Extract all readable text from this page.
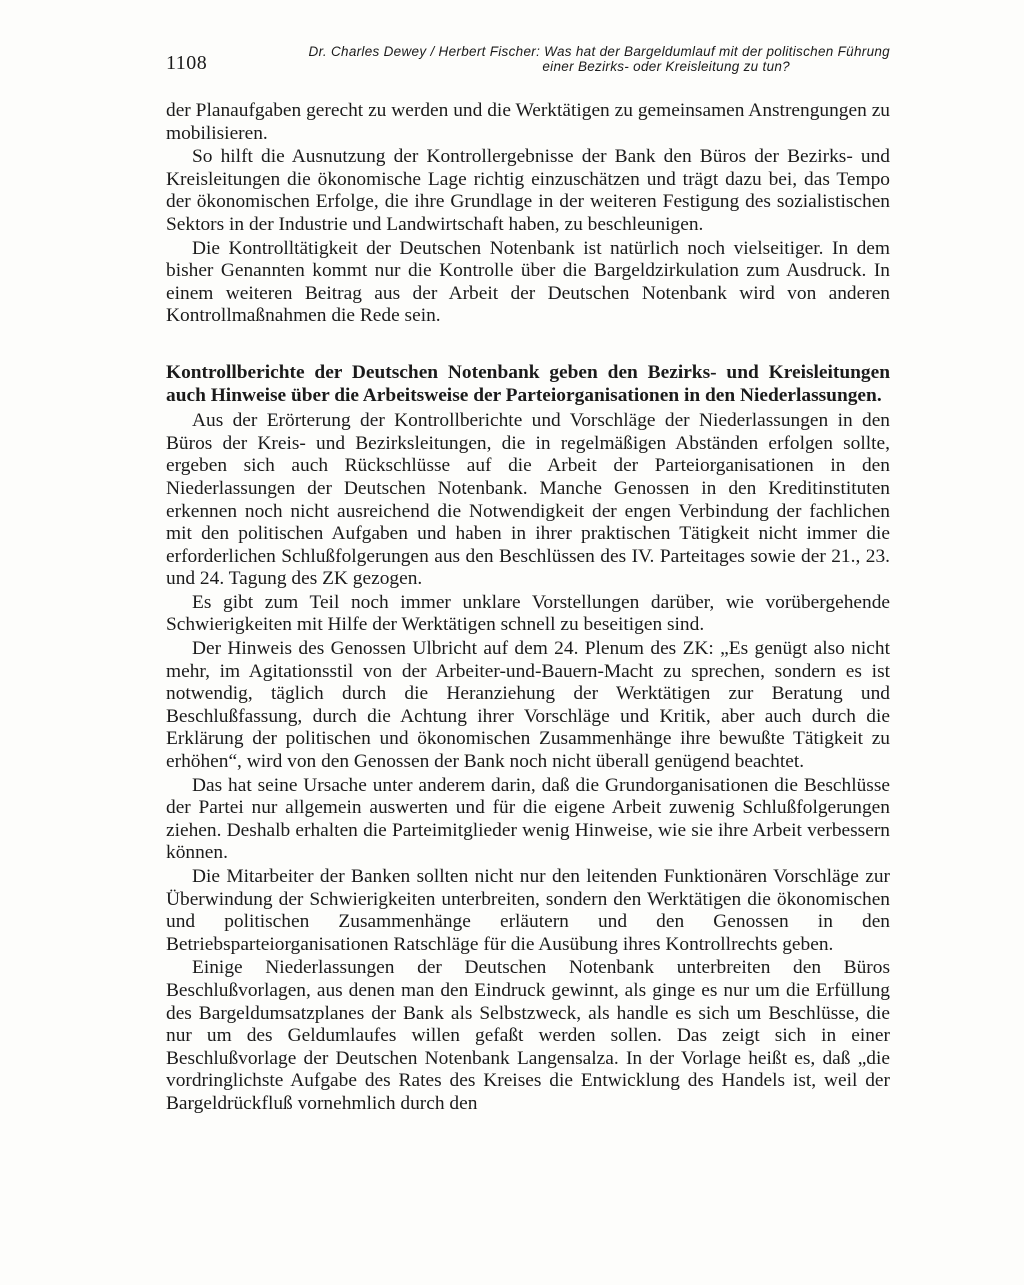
1108
Dr. Charles Dewey / Herbert Fischer: Was hat der Bargeldumlauf mit der politischen Führung
einer Bezirks- oder Kreisleitung zu tun?

der Planaufgaben gerecht zu werden und die Werktätigen zu gemeinsamen Anstrengungen zu mobilisieren.

So hilft die Ausnutzung der Kontrollergebnisse der Bank den Büros der Bezirks- und Kreisleitungen die ökonomische Lage richtig einzuschätzen und trägt dazu bei, das Tempo der ökonomischen Erfolge, die ihre Grundlage in der weiteren Festigung des sozialistischen Sektors in der Industrie und Landwirtschaft haben, zu beschleunigen.

Die Kontrolltätigkeit der Deutschen Notenbank ist natürlich noch vielseitiger. In dem bisher Genannten kommt nur die Kontrolle über die Bargeldzirkulation zum Ausdruck. In einem weiteren Beitrag aus der Arbeit der Deutschen Notenbank wird von anderen Kontrollmaßnahmen die Rede sein.

Kontrollberichte der Deutschen Notenbank geben den Bezirks- und Kreisleitungen auch Hinweise über die Arbeitsweise der Parteiorganisationen in den Niederlassungen.

Aus der Erörterung der Kontrollberichte und Vorschläge der Niederlassungen in den Büros der Kreis- und Bezirksleitungen, die in regelmäßigen Abständen erfolgen sollte, ergeben sich auch Rückschlüsse auf die Arbeit der Parteiorganisationen in den Niederlassungen der Deutschen Notenbank. Manche Genossen in den Kreditinstituten erkennen noch nicht ausreichend die Notwendigkeit der engen Verbindung der fachlichen mit den politischen Aufgaben und haben in ihrer praktischen Tätigkeit nicht immer die erforderlichen Schlußfolgerungen aus den Beschlüssen des IV. Parteitages sowie der 21., 23. und 24. Tagung des ZK gezogen.

Es gibt zum Teil noch immer unklare Vorstellungen darüber, wie vorübergehende Schwierigkeiten mit Hilfe der Werktätigen schnell zu beseitigen sind.

Der Hinweis des Genossen Ulbricht auf dem 24. Plenum des ZK: „Es genügt also nicht mehr, im Agitationsstil von der Arbeiter-und-Bauern-Macht zu sprechen, sondern es ist notwendig, täglich durch die Heranziehung der Werktätigen zur Beratung und Beschlußfassung, durch die Achtung ihrer Vorschläge und Kritik, aber auch durch die Erklärung der politischen und ökonomischen Zusammenhänge ihre bewußte Tätigkeit zu erhöhen“, wird von den Genossen der Bank noch nicht überall genügend beachtet.

Das hat seine Ursache unter anderem darin, daß die Grundorganisationen die Beschlüsse der Partei nur allgemein auswerten und für die eigene Arbeit zuwenig Schlußfolgerungen ziehen. Deshalb erhalten die Parteimitglieder wenig Hinweise, wie sie ihre Arbeit verbessern können.

Die Mitarbeiter der Banken sollten nicht nur den leitenden Funktionären Vorschläge zur Überwindung der Schwierigkeiten unterbreiten, sondern den Werktätigen die ökonomischen und politischen Zusammenhänge erläutern und den Genossen in den Betriebsparteiorganisationen Ratschläge für die Ausübung ihres Kontrollrechts geben.

Einige Niederlassungen der Deutschen Notenbank unterbreiten den Büros Beschlußvorlagen, aus denen man den Eindruck gewinnt, als ginge es nur um die Erfüllung des Bargeldumsatzplanes der Bank als Selbstzweck, als handle es sich um Beschlüsse, die nur um des Geldumlaufes willen gefaßt werden sollen. Das zeigt sich in einer Beschlußvorlage der Deutschen Notenbank Langensalza. In der Vorlage heißt es, daß „die vordringlichste Aufgabe des Rates des Kreises die Entwicklung des Handels ist, weil der Bargeldrückfluß vornehmlich durch den
